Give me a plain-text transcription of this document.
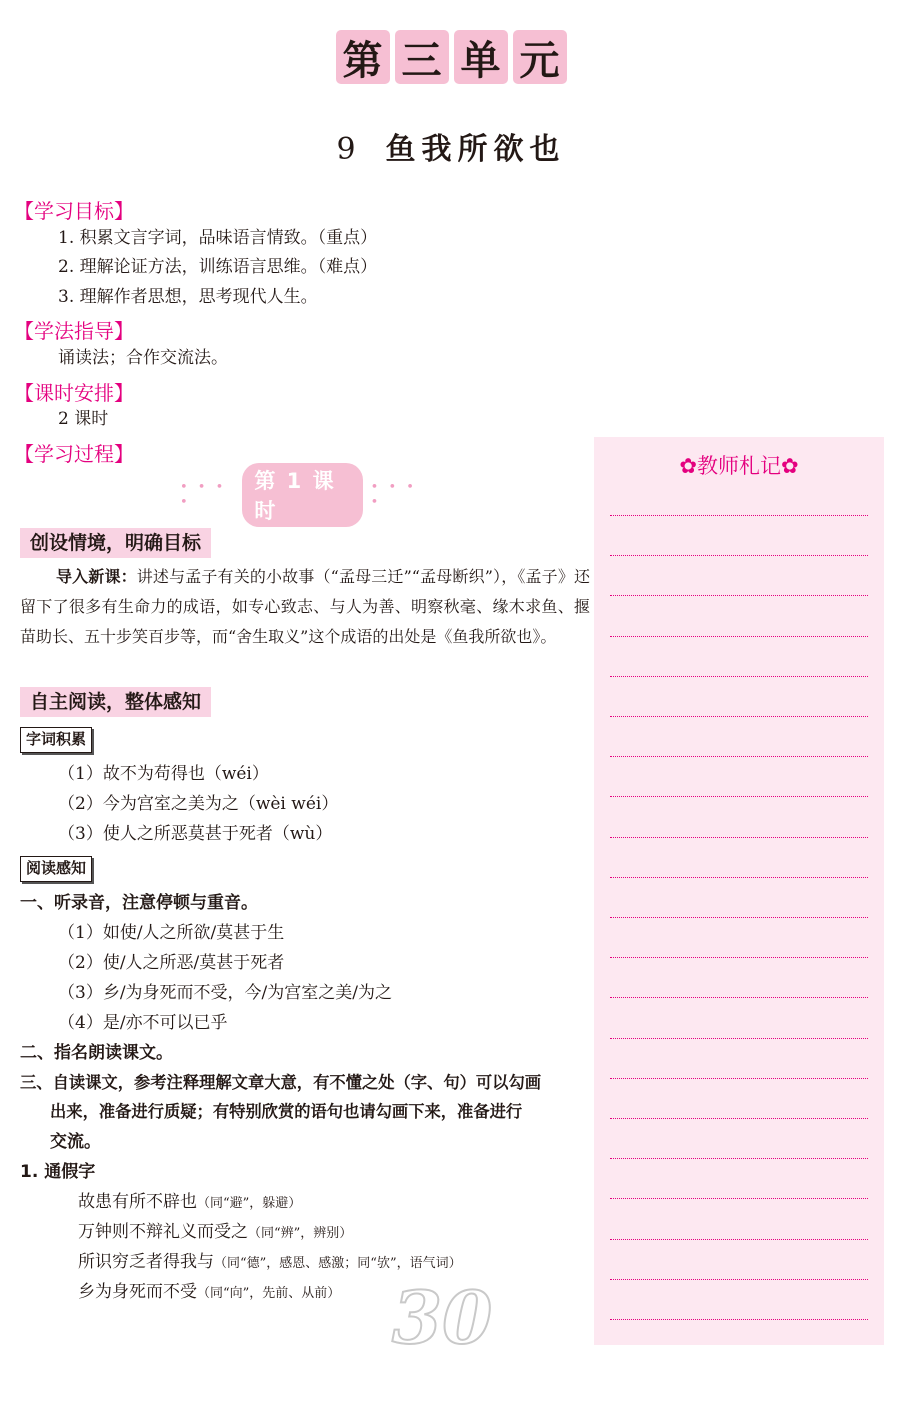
第 三 单 元
9 鱼我所欲也
【学习目标】
1. 积累文言字词，品味语言情致。（重点）
2. 理解论证方法，训练语言思维。（难点）
3. 理解作者思想，思考现代人生。
【学法指导】
诵读法；合作交流法。
【课时安排】
2 课时
【学习过程】
• • • •
第 1 课 时
• • • •
创设情境，明确目标
导入新课：讲述与孟子有关的小故事（“孟母三迁”“孟母断织”），《孟子》还留下了很多有生命力的成语，如专心致志、与人为善、明察秋毫、缘木求鱼、揠苗助长、五十步笑百步等，而“舍生取义”这个成语的出处是《鱼我所欲也》。
自主阅读，整体感知
字词积累
（1）故不为苟得也（wéi）
（2）今为宫室之美为之（wèi wéi）
（3）使人之所恶莫甚于死者（wù）
阅读感知
一、听录音，注意停顿与重音。
（1）如使/人之所欲/莫甚于生
（2）使/人之所恶/莫甚于死者
（3）乡/为身死而不受，今/为宫室之美/为之
（4）是/亦不可以已乎
二、指名朗读课文。
三、自读课文，参考注释理解文章大意，有不懂之处（字、句）可以勾画
出来，准备进行质疑；有特别欣赏的语句也请勾画下来，准备进行
交流。
1. 通假字
故患有所不辟也（同“避”，躲避）
万钟则不辩礼义而受之（同“辨”，辨别）
所识穷乏者得我与（同“德”，感恩、感激；同“欤”，语气词）
乡为身死而不受（同“向”，先前、从前） 30
✿教师札记✿
